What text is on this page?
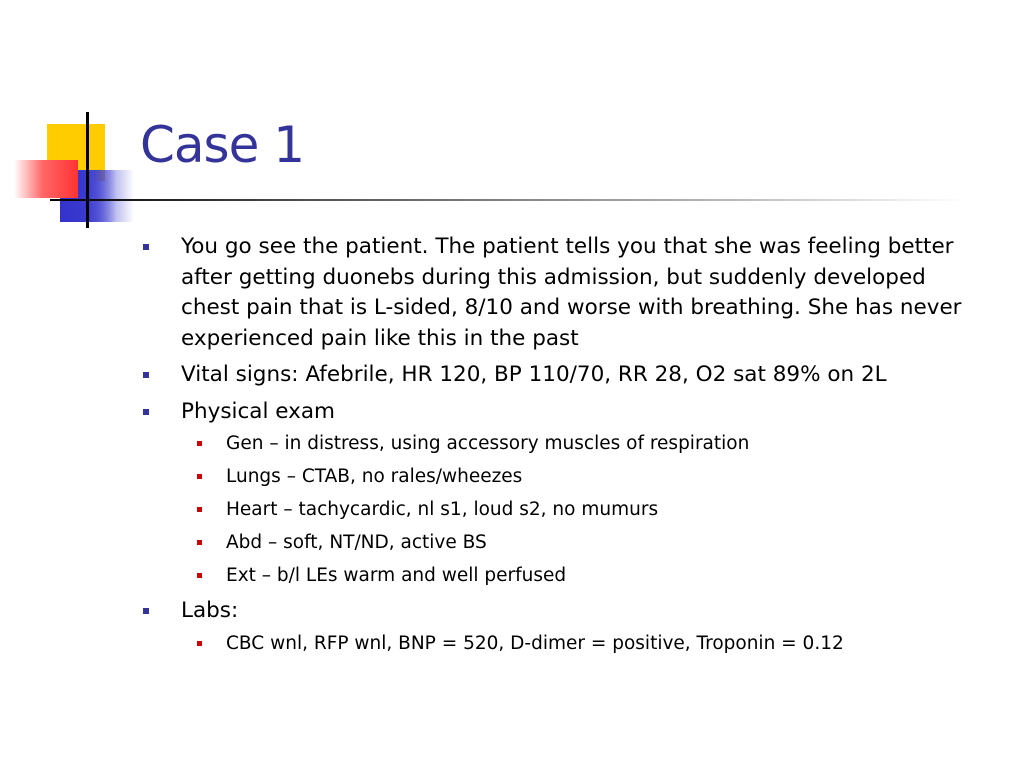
Case 1
You go see the patient. The patient tells you that she was feeling better after getting duonebs during this admission, but suddenly developed chest pain that is L-sided, 8/10 and worse with breathing. She has never experienced pain like this in the past
Vital signs: Afebrile, HR 120, BP 110/70, RR 28, O2 sat 89% on 2L
Physical exam
Gen – in distress, using accessory muscles of respiration
Lungs – CTAB, no rales/wheezes
Heart – tachycardic, nl s1, loud s2, no mumurs
Abd – soft, NT/ND, active BS
Ext – b/l LEs warm and well perfused
Labs:
CBC wnl, RFP wnl, BNP = 520, D-dimer = positive, Troponin = 0.12
